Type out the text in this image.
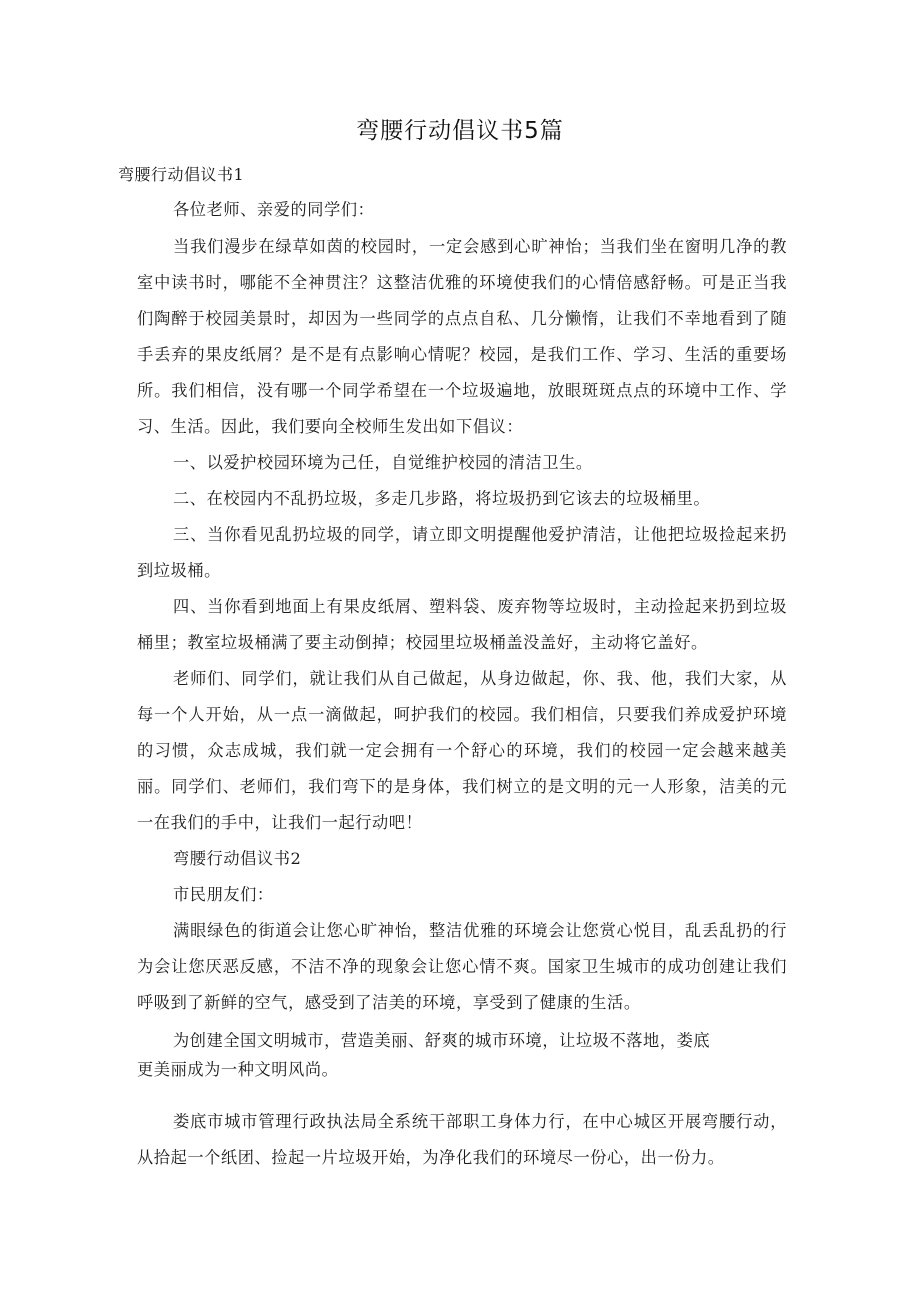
弯腰行动倡议书5篇
弯腰行动倡议书1

各位老师、亲爱的同学们：

当我们漫步在绿草如茵的校园时，一定会感到心旷神怡；当我们坐在窗明几净的教室中读书时，哪能不全神贯注？这整洁优雅的环境使我们的心情倍感舒畅。可是正当我们陶醉于校园美景时，却因为一些同学的点点自私、几分懒惰，让我们不幸地看到了随手丢弃的果皮纸屑？是不是有点影响心情呢？校园，是我们工作、学习、生活的重要场所。我们相信，没有哪一个同学希望在一个垃圾遍地，放眼斑斑点点的环境中工作、学习、生活。因此，我们要向全校师生发出如下倡议：

一、以爱护校园环境为己任，自觉维护校园的清洁卫生。

二、在校园内不乱扔垃圾，多走几步路，将垃圾扔到它该去的垃圾桶里。

三、当你看见乱扔垃圾的同学，请立即文明提醒他爱护清洁，让他把垃圾捡起来扔到垃圾桶。

四、当你看到地面上有果皮纸屑、塑料袋、废弃物等垃圾时，主动捡起来扔到垃圾桶里；教室垃圾桶满了要主动倒掉；校园里垃圾桶盖没盖好，主动将它盖好。

老师们、同学们，就让我们从自己做起，从身边做起，你、我、他，我们大家，从每一个人开始，从一点一滴做起，呵护我们的校园。我们相信，只要我们养成爱护环境的习惯，众志成城，我们就一定会拥有一个舒心的环境，我们的校园一定会越来越美丽。同学们、老师们，我们弯下的是身体，我们树立的是文明的元一人形象，洁美的元一在我们的手中，让我们一起行动吧！

弯腰行动倡议书2

市民朋友们：

满眼绿色的街道会让您心旷神怡，整洁优雅的环境会让您赏心悦目，乱丢乱扔的行为会让您厌恶反感，不洁不净的现象会让您心情不爽。国家卫生城市的成功创建让我们呼吸到了新鲜的空气，感受到了洁美的环境，享受到了健康的生活。

为创建全国文明城市，营造美丽、舒爽的城市环境，让垃圾不落地，娄底

更美丽成为一种文明风尚。

娄底市城市管理行政执法局全系统干部职工身体力行，在中心城区开展弯腰行动，从拾起一个纸团、捡起一片垃圾开始，为净化我们的环境尽一份心，出一份力。
